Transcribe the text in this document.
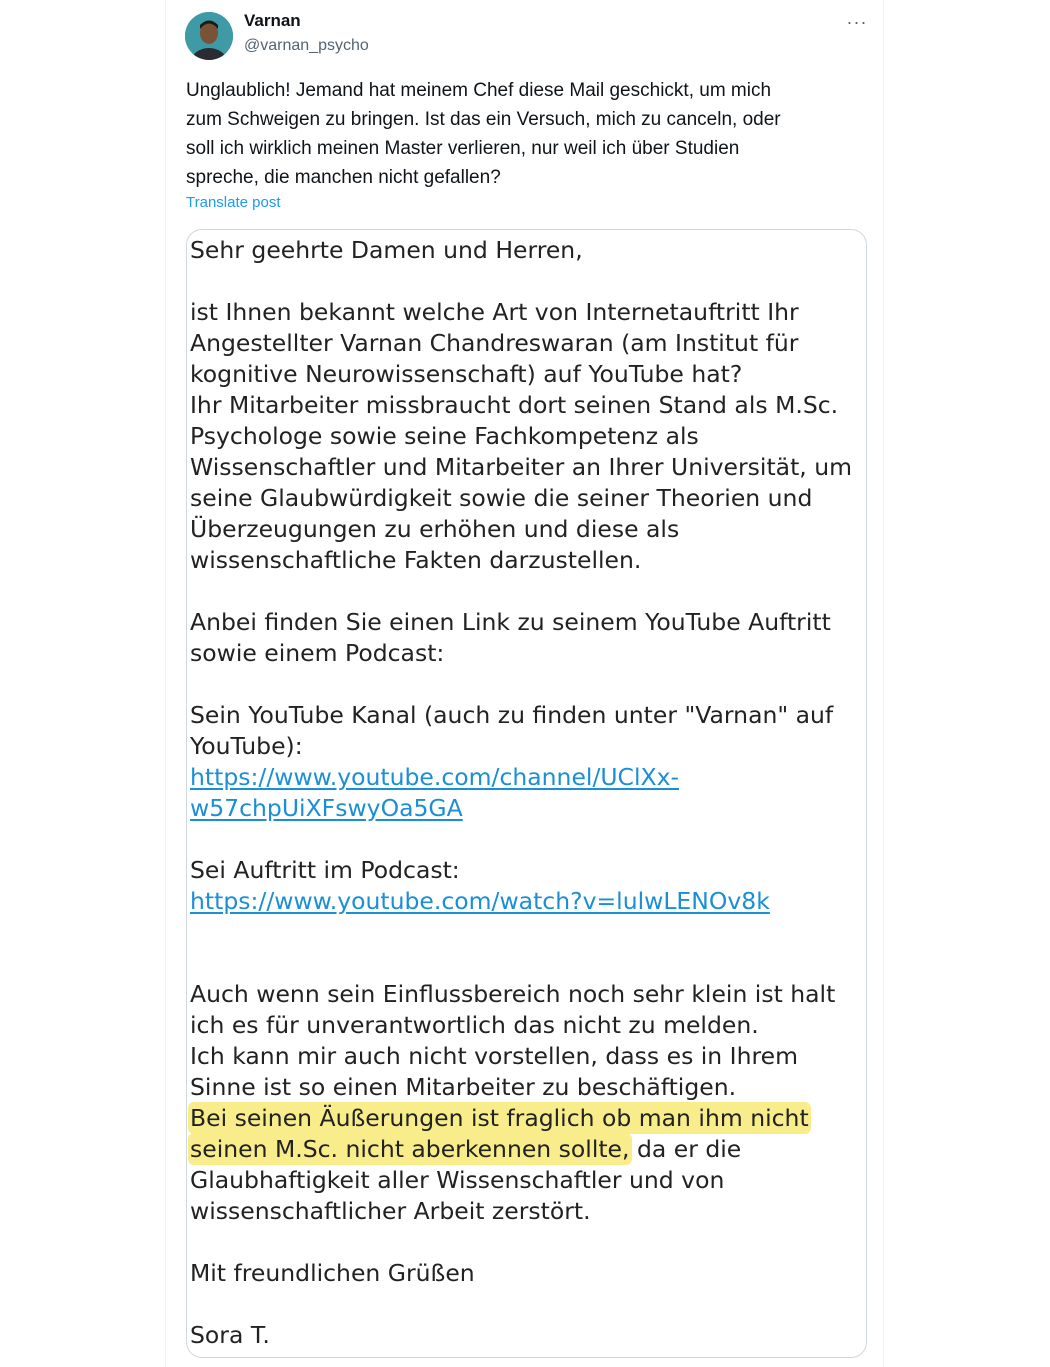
Varnan
@varnan_psycho
···
Unglaublich! Jemand hat meinem Chef diese Mail geschickt, um mich
zum Schweigen zu bringen. Ist das ein Versuch, mich zu canceln, oder
soll ich wirklich meinen Master verlieren, nur weil ich über Studien
spreche, die manchen nicht gefallen?
Translate post

Sehr geehrte Damen und Herren,

ist Ihnen bekannt welche Art von Internetauftritt Ihr
Angestellter Varnan Chandreswaran (am Institut für
kognitive Neurowissenschaft) auf YouTube hat?
Ihr Mitarbeiter missbraucht dort seinen Stand als M.Sc.
Psychologe sowie seine Fachkompetenz als
Wissenschaftler und Mitarbeiter an Ihrer Universität, um
seine Glaubwürdigkeit sowie die seiner Theorien und
Überzeugungen zu erhöhen und diese als
wissenschaftliche Fakten darzustellen.

Anbei finden Sie einen Link zu seinem YouTube Auftritt
sowie einem Podcast:

Sein YouTube Kanal (auch zu finden unter "Varnan" auf
YouTube):

https://www.youtube.com/channel/UClXx-
w57chpUiXFswyOa5GA

Sei Auftritt im Podcast:

https://www.youtube.com/watch?v=lulwLENOv8k

Auch wenn sein Einflussbereich noch sehr klein ist halt
ich es für unverantwortlich das nicht zu melden.
Ich kann mir auch nicht vorstellen, dass es in Ihrem
Sinne ist so einen Mitarbeiter zu beschäftigen.

Bei seinen Äußerungen ist fraglich ob man ihm nicht

seinen M.Sc. nicht aberkennen sollte, da er die

Glaubhaftigkeit aller Wissenschaftler und von
wissenschaftlicher Arbeit zerstört.

Mit freundlichen Grüßen

Sora T.
